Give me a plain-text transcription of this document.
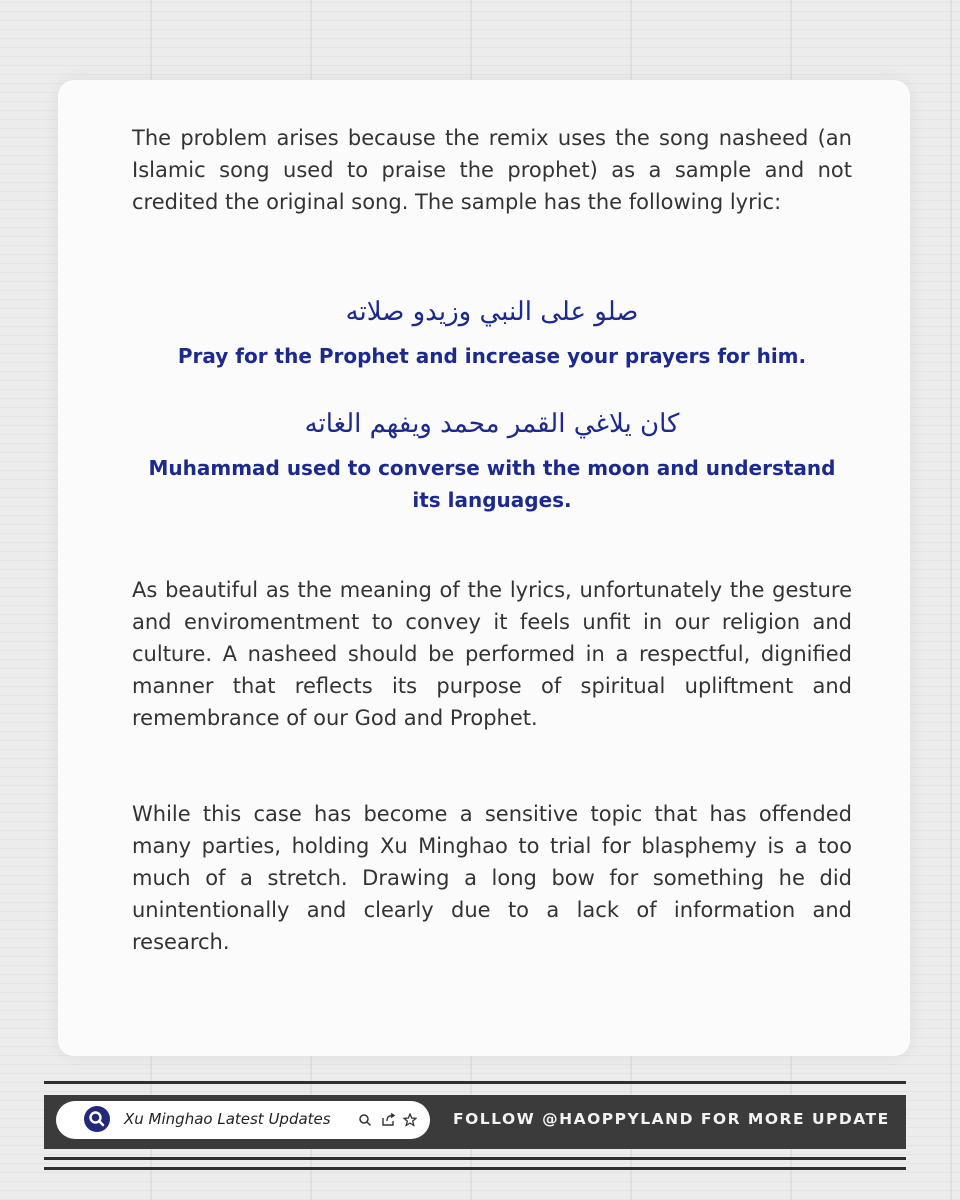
The problem arises because the remix uses the song nasheed (an Islamic song used to praise the prophet) as a sample and not credited the original song. The sample has the following lyric:

صلو على النبي وزيدو صلاته

Pray for the Prophet and increase your prayers for him.

كان يلاغي القمر محمد ويفهم الغاته

Muhammad used to converse with the moon and understand its languages.

As beautiful as the meaning of the lyrics, unfortunately the gesture and enviromentment to convey it feels unfit in our religion and culture. A nasheed should be performed in a respectful, dignified manner that reflects its purpose of spiritual upliftment and remembrance of our God and Prophet.

While this case has become a sensitive topic that has offended many parties, holding Xu Minghao to trial for blasphemy is a too much of a stretch. Drawing a long bow for something he did unintentionally and clearly due to a lack of information and research.

Xu Minghao Latest Updates	FOLLOW @HAOPPYLAND FOR MORE UPDATE
